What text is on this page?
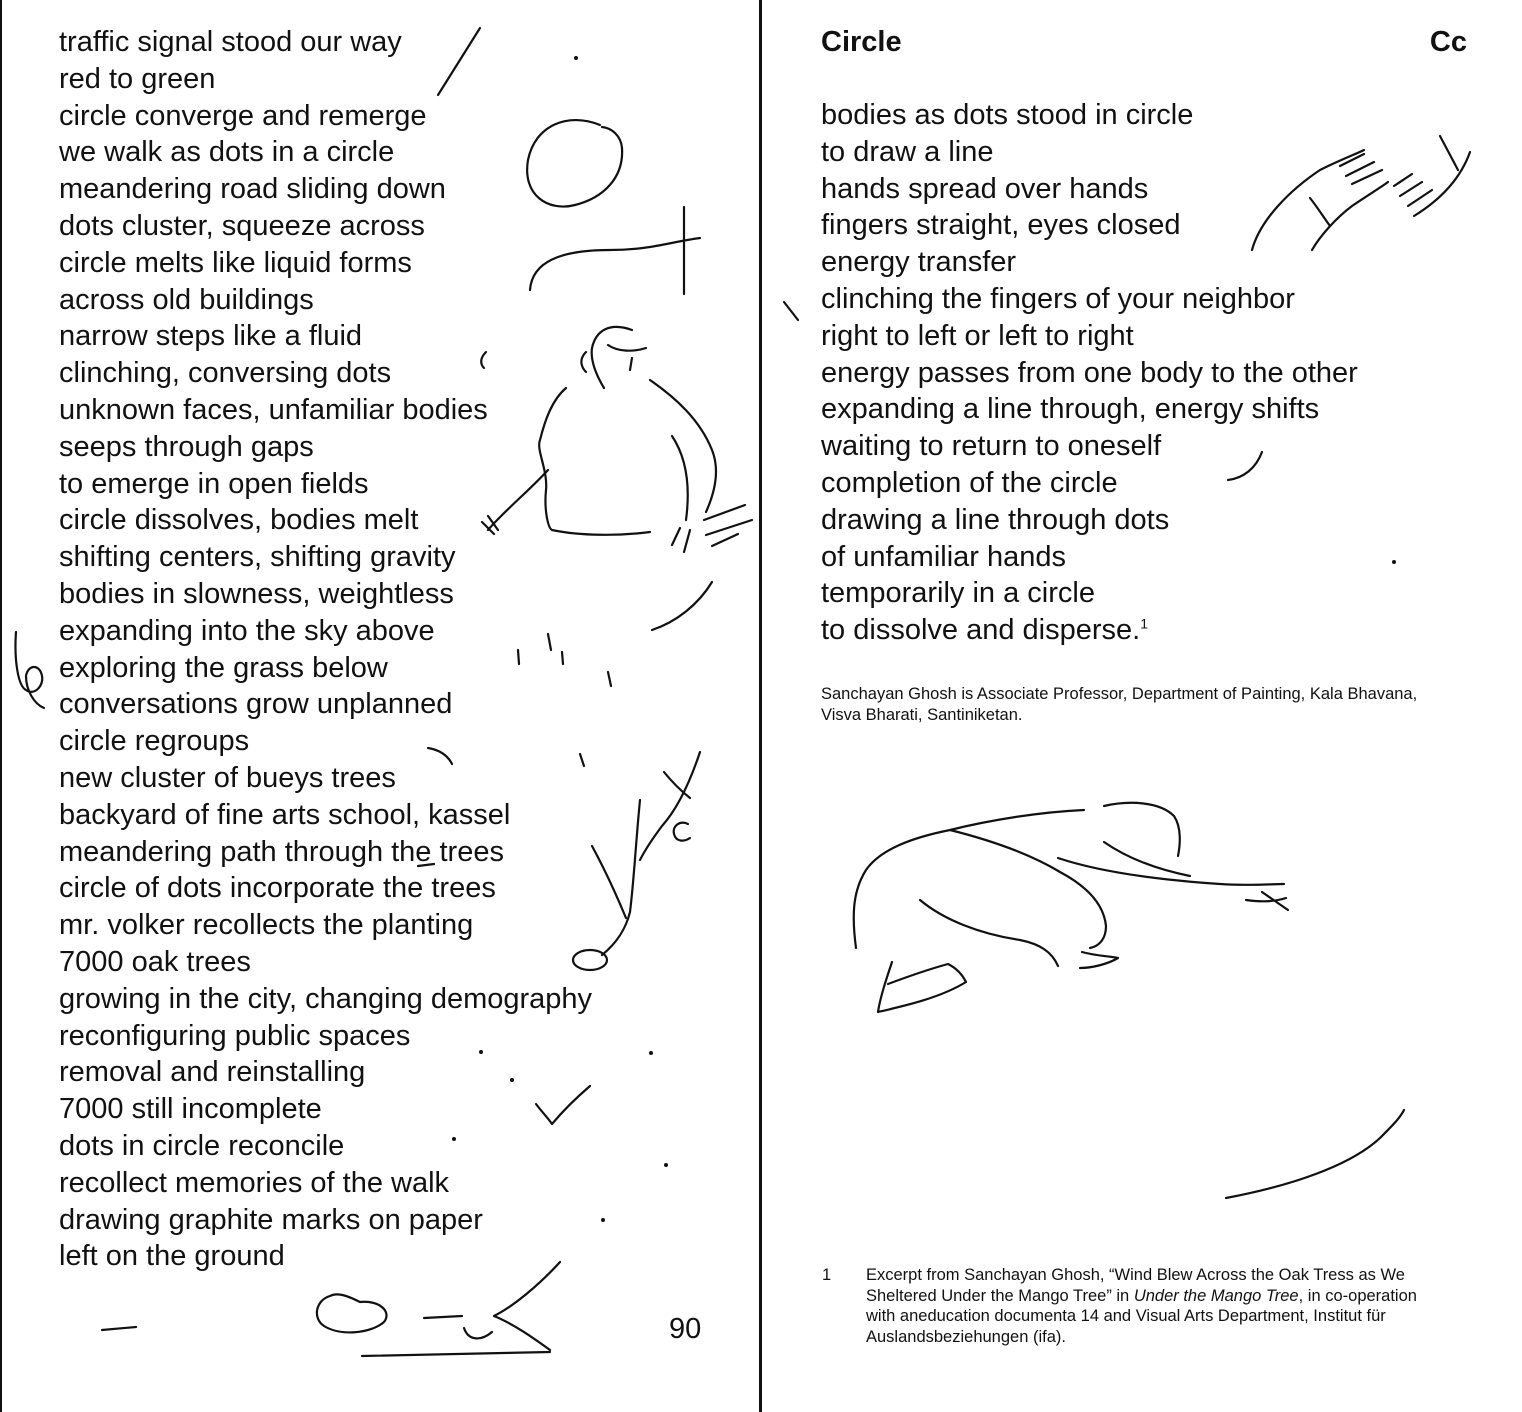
traffic signal stood our way
red to green
circle converge and remerge
we walk as dots in a circle
meandering road sliding down
dots cluster, squeeze across
circle melts like liquid forms
across old buildings
narrow steps like a fluid
clinching, conversing dots
unknown faces, unfamiliar bodies
seeps through gaps
to emerge in open fields
circle dissolves, bodies melt
shifting centers, shifting gravity
bodies in slowness, weightless
expanding into the sky above
exploring the grass below
conversations grow unplanned
circle regroups
new cluster of bueys trees
backyard of fine arts school, kassel
meandering path through the trees
circle of dots incorporate the trees
mr. volker recollects the planting
7000 oak trees
growing in the city, changing demography
reconfiguring public spaces
removal and reinstalling
7000 still incomplete
dots in circle reconcile
recollect memories of the walk
drawing graphite marks on paper
left on the ground
90
Circle	Cc
bodies as dots stood in circle
to draw a line
hands spread over hands
fingers straight, eyes closed
energy transfer
clinching the fingers of your neighbor
right to left or left to right
energy passes from one body to the other
expanding a line through, energy shifts
waiting to return to oneself
completion of the circle
drawing a line through dots
of unfamiliar hands
temporarily in a circle
to dissolve and disperse.$^1$
Sanchayan Ghosh is Associate Professor, Department of Painting, Kala Bhavana, Visva Bharati, Santiniketan.
1 Excerpt from Sanchayan Ghosh, “Wind Blew Across the Oak Tress as We Sheltered Under the Mango Tree” in Under the Mango Tree, in co-operation with aneducation documenta 14 and Visual Arts Department, Institut für Auslandsbeziehungen (ifa).
